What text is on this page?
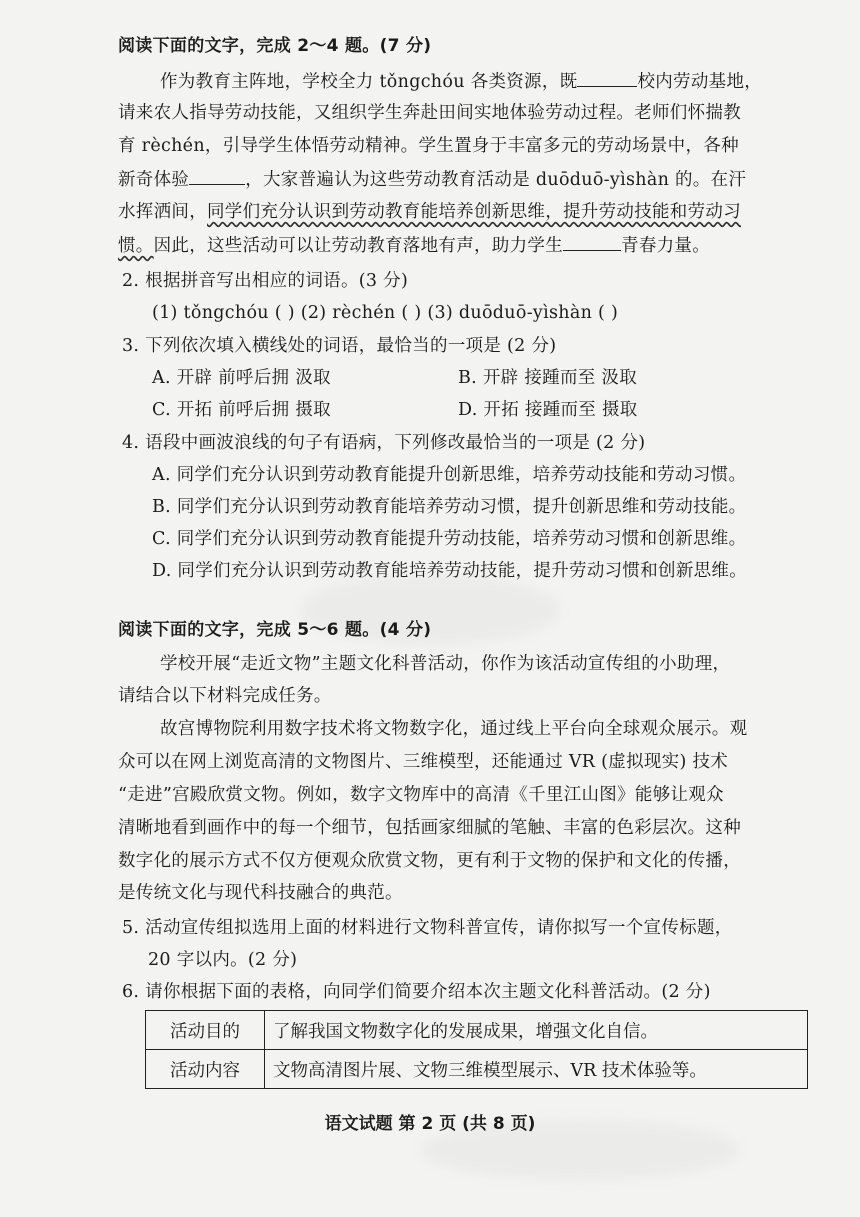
阅读下面的文字，完成 2～4 题。(7 分)
作为教育主阵地，学校全力 tǒngchóu 各类资源，既	校内劳动基地，
请来农人指导劳动技能，又组织学生奔赴田间实地体验劳动过程。老师们怀揣教
育 rèchén，引导学生体悟劳动精神。学生置身于丰富多元的劳动场景中，各种
新奇体验	，大家普遍认为这些劳动教育活动是 duōduō-yìshàn 的。在汗
水挥洒间，同学们充分认识到劳动教育能培养创新思维，提升劳动技能和劳动习
惯。因此，这些活动可以让劳动教育落地有声，助力学生	青春力量。
2. 根据拼音写出相应的词语。(3 分)
(1) tǒngchóu ( ) (2) rèchén ( ) (3) duōduō-yìshàn ( )
3. 下列依次填入横线处的词语，最恰当的一项是 (2 分)
A. 开辟 前呼后拥 汲取	B. 开辟 接踵而至 汲取
C. 开拓 前呼后拥 摄取	D. 开拓 接踵而至 摄取
4. 语段中画波浪线的句子有语病，下列修改最恰当的一项是 (2 分)
A. 同学们充分认识到劳动教育能提升创新思维，培养劳动技能和劳动习惯。
B. 同学们充分认识到劳动教育能培养劳动习惯，提升创新思维和劳动技能。
C. 同学们充分认识到劳动教育能提升劳动技能，培养劳动习惯和创新思维。
D. 同学们充分认识到劳动教育能培养劳动技能，提升劳动习惯和创新思维。
阅读下面的文字，完成 5～6 题。(4 分)
学校开展“走近文物”主题文化科普活动，你作为该活动宣传组的小助理，
请结合以下材料完成任务。
故宫博物院利用数字技术将文物数字化，通过线上平台向全球观众展示。观
众可以在网上浏览高清的文物图片、三维模型，还能通过 VR (虚拟现实) 技术
“走进”宫殿欣赏文物。例如，数字文物库中的高清《千里江山图》能够让观众
清晰地看到画作中的每一个细节，包括画家细腻的笔触、丰富的色彩层次。这种
数字化的展示方式不仅方便观众欣赏文物，更有利于文物的保护和文化的传播，
是传统文化与现代科技融合的典范。
5. 活动宣传组拟选用上面的材料进行文物科普宣传，请你拟写一个宣传标题，
20 字以内。(2 分)
6. 请你根据下面的表格，向同学们简要介绍本次主题文化科普活动。(2 分)
活动目的	了解我国文物数字化的发展成果，增强文化自信。
活动内容	文物高清图片展、文物三维模型展示、VR 技术体验等。
语文试题 第 2 页 (共 8 页)
